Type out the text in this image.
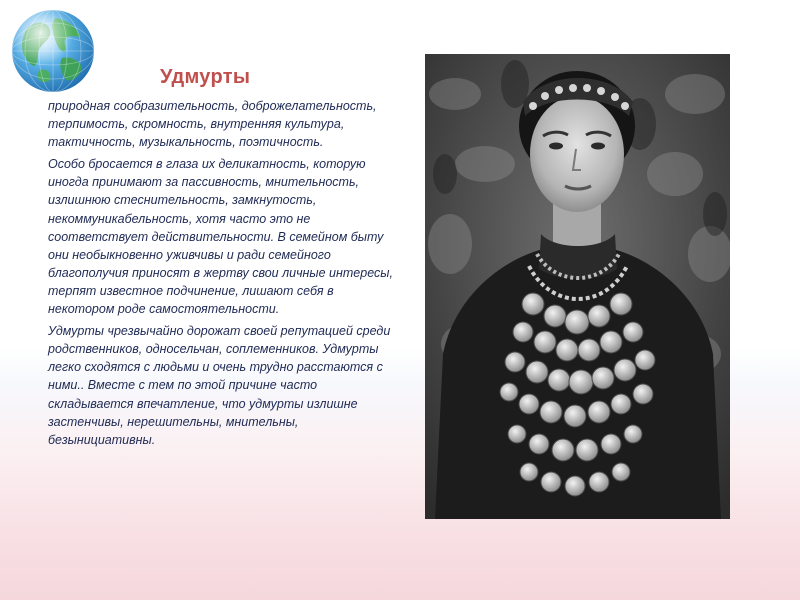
Удмурты

природная сообразительность, доброжелательность, терпимость, скромность, внутренняя культура, тактичность, музыкальность, поэтичность.

Особо бросается в глаза их деликатность, которую иногда принимают за пассивность, мнительность, излишнюю стеснительность, замкнутость, некоммуникабельность, хотя часто это не соответствует действительности. В семейном быту они необыкновенно уживчивы и ради семейного благополучия приносят в жертву свои личные интересы, терпят известное подчинение, лишают себя в некотором роде самостоятельности.

Удмурты чрезвычайно дорожат своей репутацией среди родственников, односельчан, соплеменников. Удмурты легко сходятся с людьми и очень трудно расстаются с ними.. Вместе с тем по этой причине часто складывается впечатление, что удмурты излишне застенчивы, нерешительны, мнительны, безынициативны.
